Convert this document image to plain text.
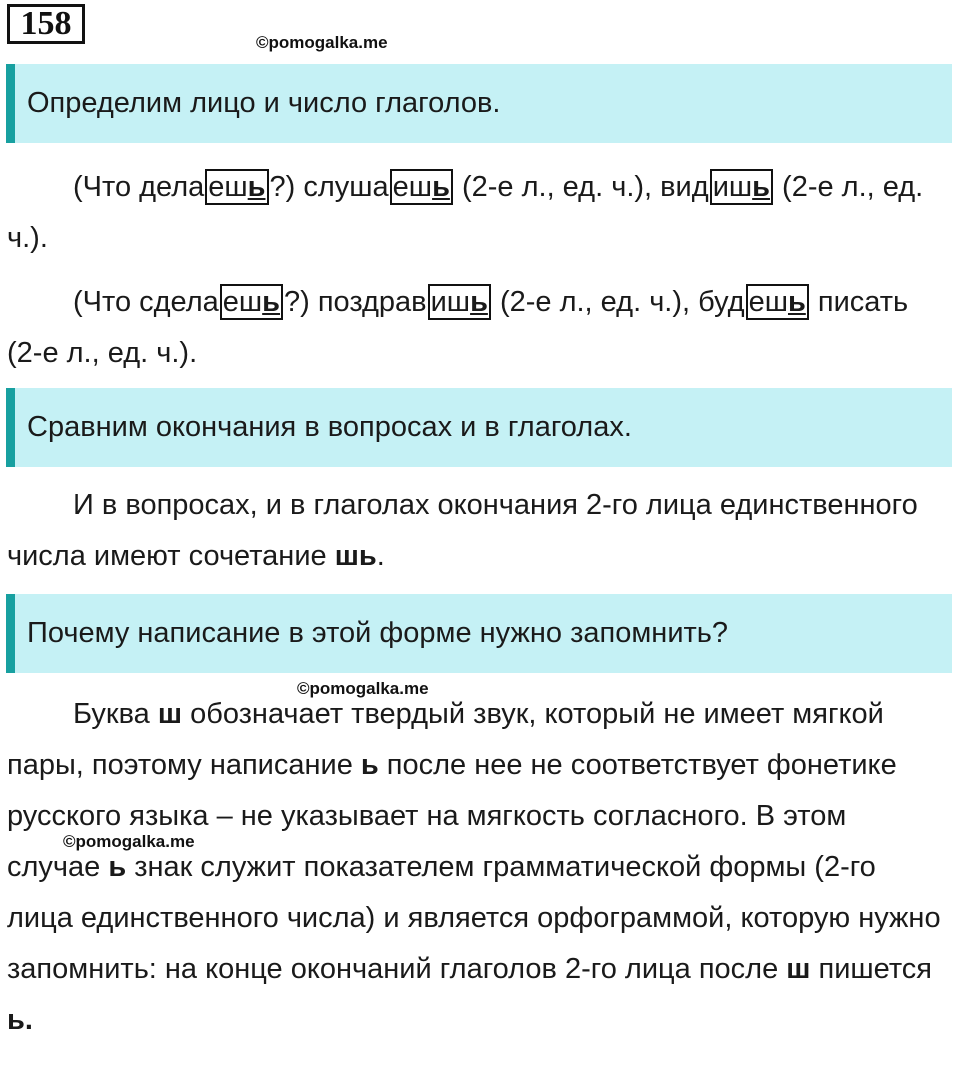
158
©pomogalka.me
Определим лицо и число глаголов.

(Что дела ешь ?) слуша ешь (2-е л., ед. ч.), вид ишь (2-е л., ед. ч.).

(Что сдела ешь ?) поздрав ишь (2-е л., ед. ч.), буд ешь писать (2-е л., ед. ч.).

Сравним окончания в вопросах и в глаголах.

И в вопросах, и в глаголах окончания 2-го лица единственного числа имеют сочетание шь.

Почему написание в этой форме нужно запомнить?
©pomogalka.me

Буква ш обозначает твердый звук, который не имеет мягкой пары, поэтому написание ь после нее не соответствует фонетике русского языка – не указывает на мягкость согласного. В этом случае ь знак служит показателем грамматической формы (2-го лица единственного числа) и является орфограммой, которую нужно запомнить: на конце окончаний глаголов 2-го лица после ш пишется ь.

©pomogalka.me
